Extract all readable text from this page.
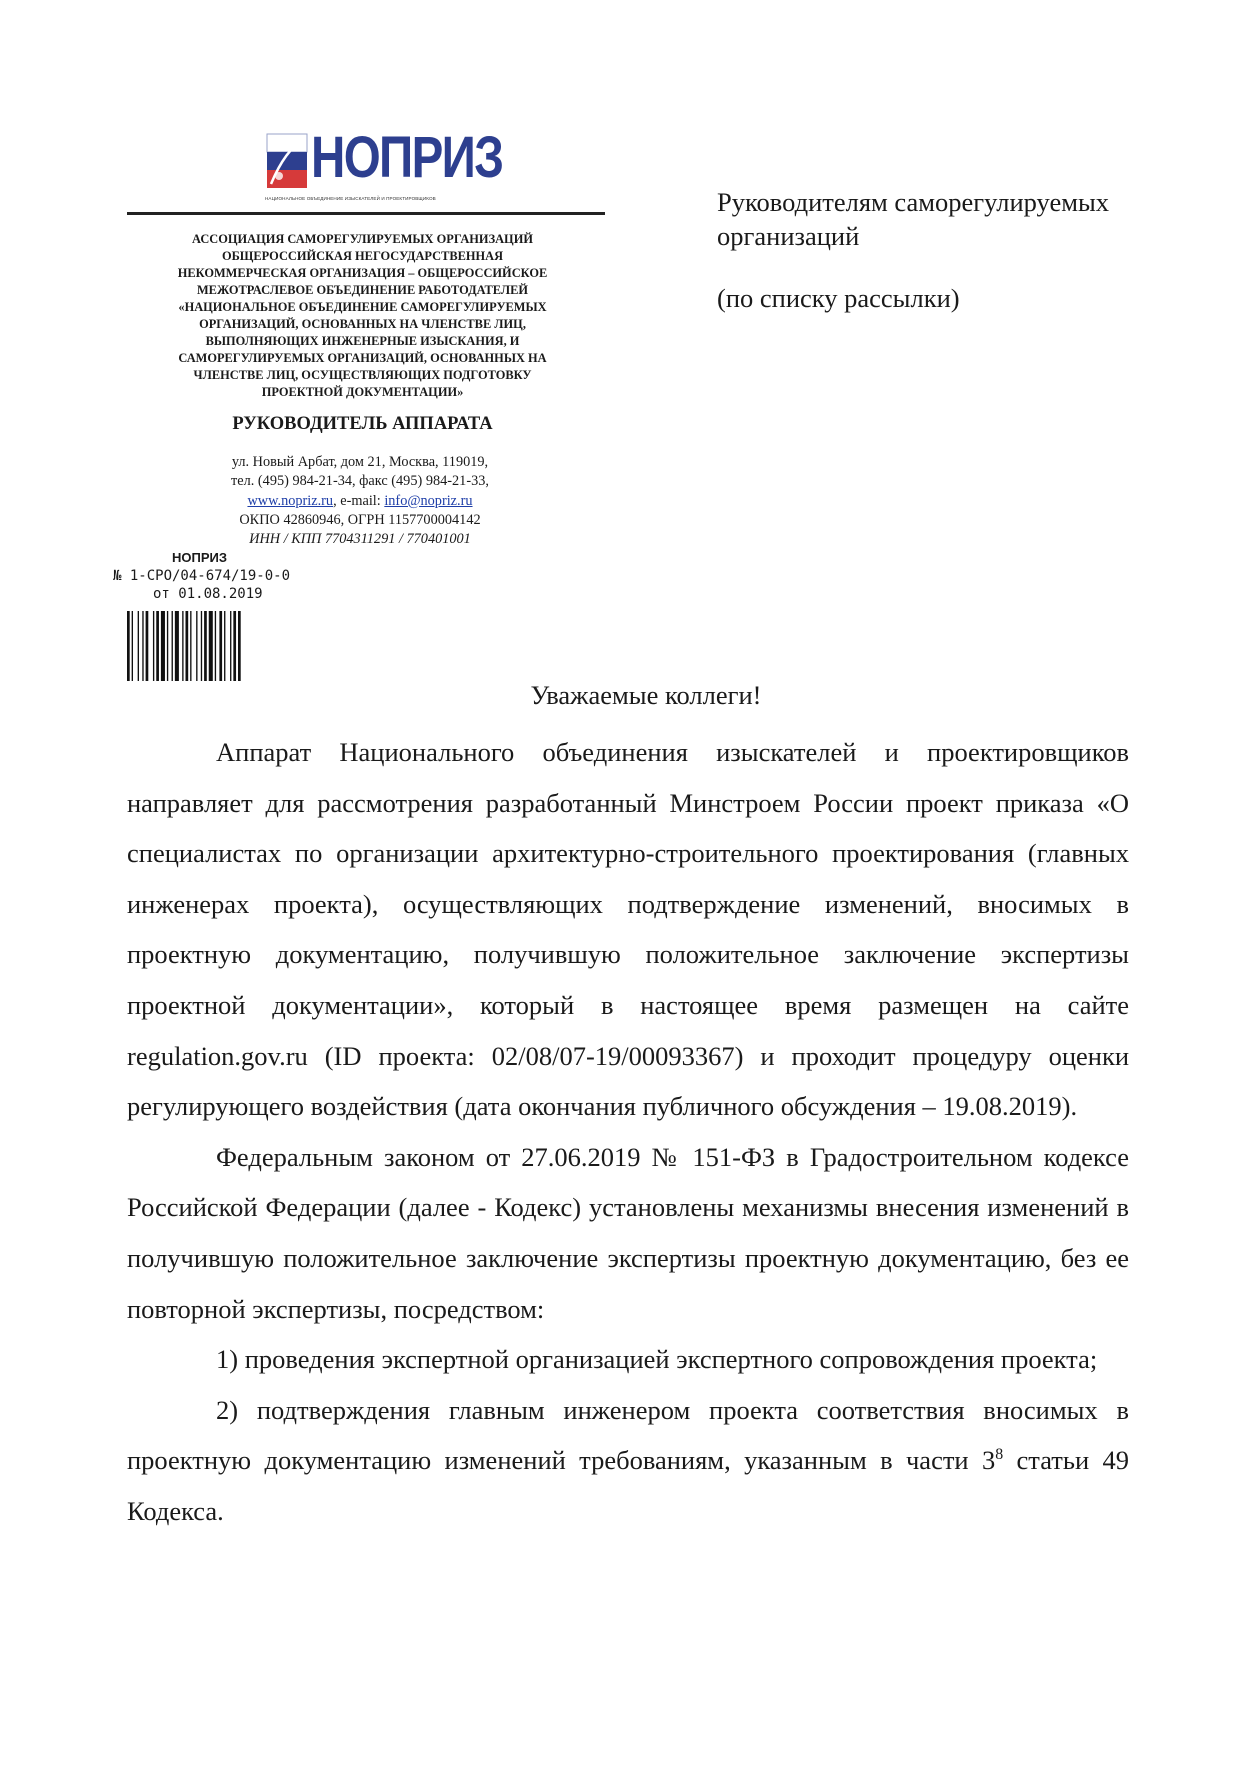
НОПРИЗ
НАЦИОНАЛЬНОЕ ОБЪЕДИНЕНИЕ ИЗЫСКАТЕЛЕЙ И ПРОЕКТИРОВЩИКОВ
АССОЦИАЦИЯ САМОРЕГУЛИРУЕМЫХ ОРГАНИЗАЦИЙ
ОБЩЕРОССИЙСКАЯ НЕГОСУДАРСТВЕННАЯ
НЕКОММЕРЧЕСКАЯ ОРГАНИЗАЦИЯ – ОБЩЕРОССИЙСКОЕ
МЕЖОТРАСЛЕВОЕ ОБЪЕДИНЕНИЕ РАБОТОДАТЕЛЕЙ
«НАЦИОНАЛЬНОЕ ОБЪЕДИНЕНИЕ САМОРЕГУЛИРУЕМЫХ
ОРГАНИЗАЦИЙ, ОСНОВАННЫХ НА ЧЛЕНСТВЕ ЛИЦ,
ВЫПОЛНЯЮЩИХ ИНЖЕНЕРНЫЕ ИЗЫСКАНИЯ, И
САМОРЕГУЛИРУЕМЫХ ОРГАНИЗАЦИЙ, ОСНОВАННЫХ НА
ЧЛЕНСТВЕ ЛИЦ, ОСУЩЕСТВЛЯЮЩИХ ПОДГОТОВКУ
ПРОЕКТНОЙ ДОКУМЕНТАЦИИ»
РУКОВОДИТЕЛЬ АППАРАТА
ул. Новый Арбат, дом 21, Москва, 119019,
тел. (495) 984-21-34, факс (495) 984-21-33,
www.nopriz.ru, e-mail: info@nopriz.ru
ОКПО 42860946, ОГРН 1157700004142
ИНН / КПП 7704311291 / 770401001
НОПРИЗ
№ 1-СРО/04-674/19-0-0
от 01.08.2019
Руководителям саморегулируемых организаций
(по списку рассылки)
Уважаемые коллеги!

Аппарат Национального объединения изыскателей и проектировщиков направляет для рассмотрения разработанный Минстроем России проект приказа «О специалистах по организации архитектурно-строительного проектирования (главных инженерах проекта), осуществляющих подтверждение изменений, вносимых в проектную документацию, получившую положительное заключение экспертизы проектной документации», который в настоящее время размещен на сайте regulation.gov.ru (ID проекта: 02/08/07-19/00093367) и проходит процедуру оценки регулирующего воздействия (дата окончания публичного обсуждения – 19.08.2019).

Федеральным законом от 27.06.2019 № 151-ФЗ в Градостроительном кодексе Российской Федерации (далее - Кодекс) установлены механизмы внесения изменений в получившую положительное заключение экспертизы проектную документацию, без ее повторной экспертизы, посредством:

1) проведения экспертной организацией экспертного сопровождения проекта;

2) подтверждения главным инженером проекта соответствия вносимых в проектную документацию изменений требованиям, указанным в части $3^8$ статьи 49 Кодекса.
